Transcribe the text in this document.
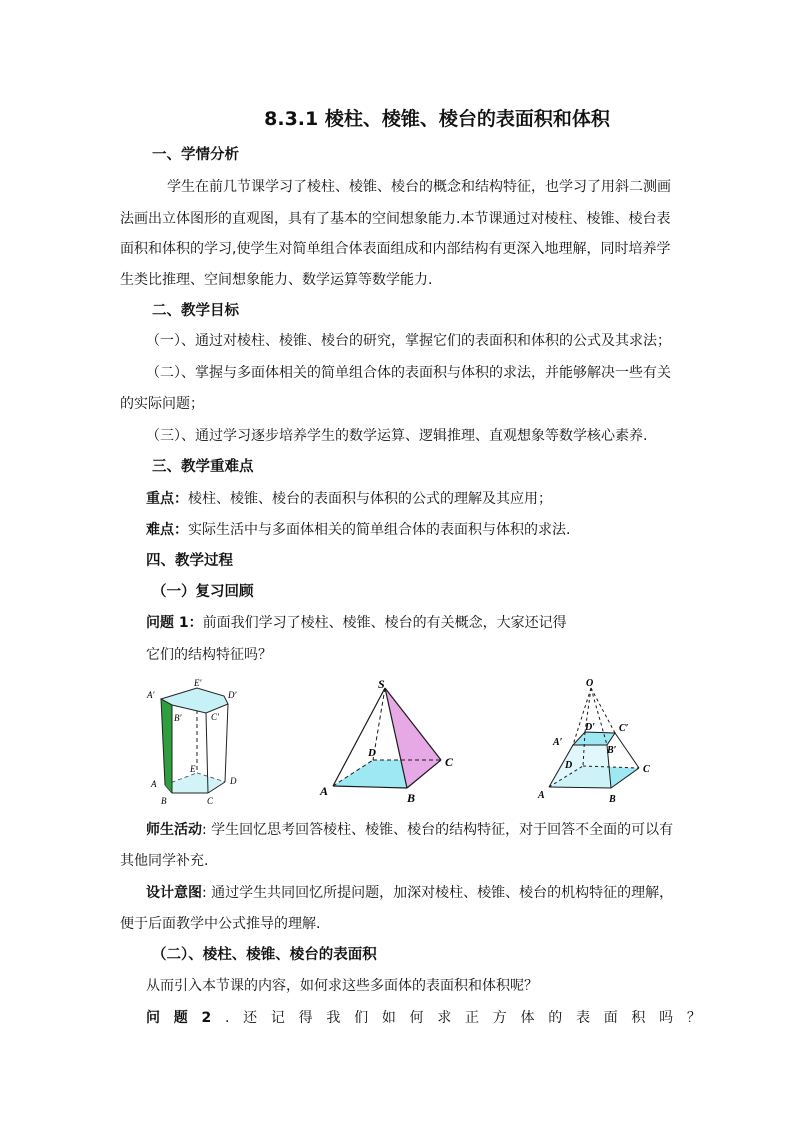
8.3.1 棱柱、棱锥、棱台的表面积和体积
一、学情分析
学生在前几节课学习了棱柱、棱锥、棱台的概念和结构特征，也学习了用斜二测画
法画出立体图形的直观图，具有了基本的空间想象能力.本节课通过对棱柱、棱锥、棱台表
面积和体积的学习,使学生对简单组合体表面组成和内部结构有更深入地理解，同时培养学
生类比推理、空间想象能力、数学运算等数学能力.
二、教学目标
（一）、通过对棱柱、棱锥、棱台的研究，掌握它们的表面积和体积的公式及其求法；
（二）、掌握与多面体相关的简单组合体的表面积与体积的求法，并能够解决一些有关
的实际问题；
（三）、通过学习逐步培养学生的数学运算、逻辑推理、直观想象等数学核心素养.
三、教学重难点
重点：棱柱、棱锥、棱台的表面积与体积的公式的理解及其应用；
难点：实际生活中与多面体相关的简单组合体的表面积与体积的求法.
四、教学过程
（一）复习回顾
问题 1：前面我们学习了棱柱、棱锥、棱台的有关概念，大家还记得
它们的结构特征吗？
A′
E′
D′
B′	C′
E
D
A
B	C
S
D
C
A	B
O
D′ C′
A′
B′
D	C
A	B
师生活动: 学生回忆思考回答棱柱、棱锥、棱台的结构特征，对于回答不全面的可以有
其他同学补充.
设计意图: 通过学生共同回忆所提问题，加深对棱柱、棱锥、棱台的机构特征的理解，
便于后面教学中公式推导的理解.
（二）、棱柱、棱锥、棱台的表面积
从而引入本节课的内容，如何求这些多面体的表面积和体积呢？
问 题 2 . 还 记 得 我 们 如 何 求 正 方 体 的 表 面 积 吗 ？
